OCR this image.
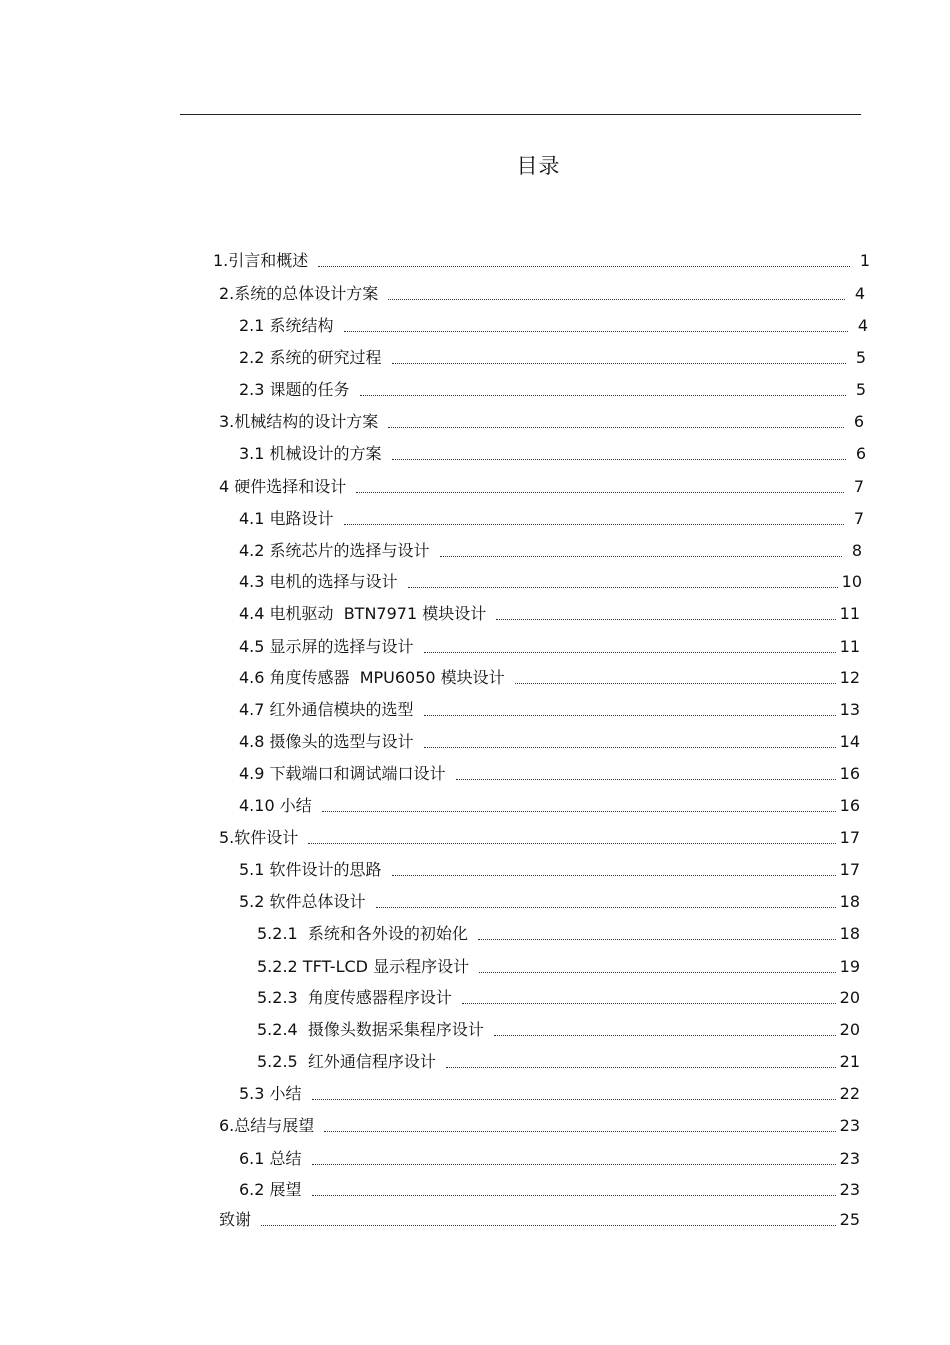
目录
1.引言和概述	1
2.系统的总体设计方案	4
2.1 系统结构	4
2.2 系统的研究过程	5
2.3 课题的任务	5
3.机械结构的设计方案	6
3.1 机械设计的方案	6
4 硬件选择和设计	7
4.1 电路设计	7
4.2 系统芯片的选择与设计	8
4.3 电机的选择与设计	10
4.4 电机驱动  BTN7971 模块设计	11
4.5 显示屏的选择与设计	11
4.6 角度传感器  MPU6050 模块设计	12
4.7 红外通信模块的选型	13
4.8 摄像头的选型与设计	14
4.9 下载端口和调试端口设计	16
4.10 小结	16
5.软件设计	17
5.1 软件设计的思路	17
5.2 软件总体设计	18
5.2.1  系统和各外设的初始化	18
5.2.2 TFT-LCD 显示程序设计	19
5.2.3  角度传感器程序设计	20
5.2.4  摄像头数据采集程序设计	20
5.2.5  红外通信程序设计	21
5.3 小结	22
6.总结与展望	23
6.1 总结	23
6.2 展望	23
致谢	25
